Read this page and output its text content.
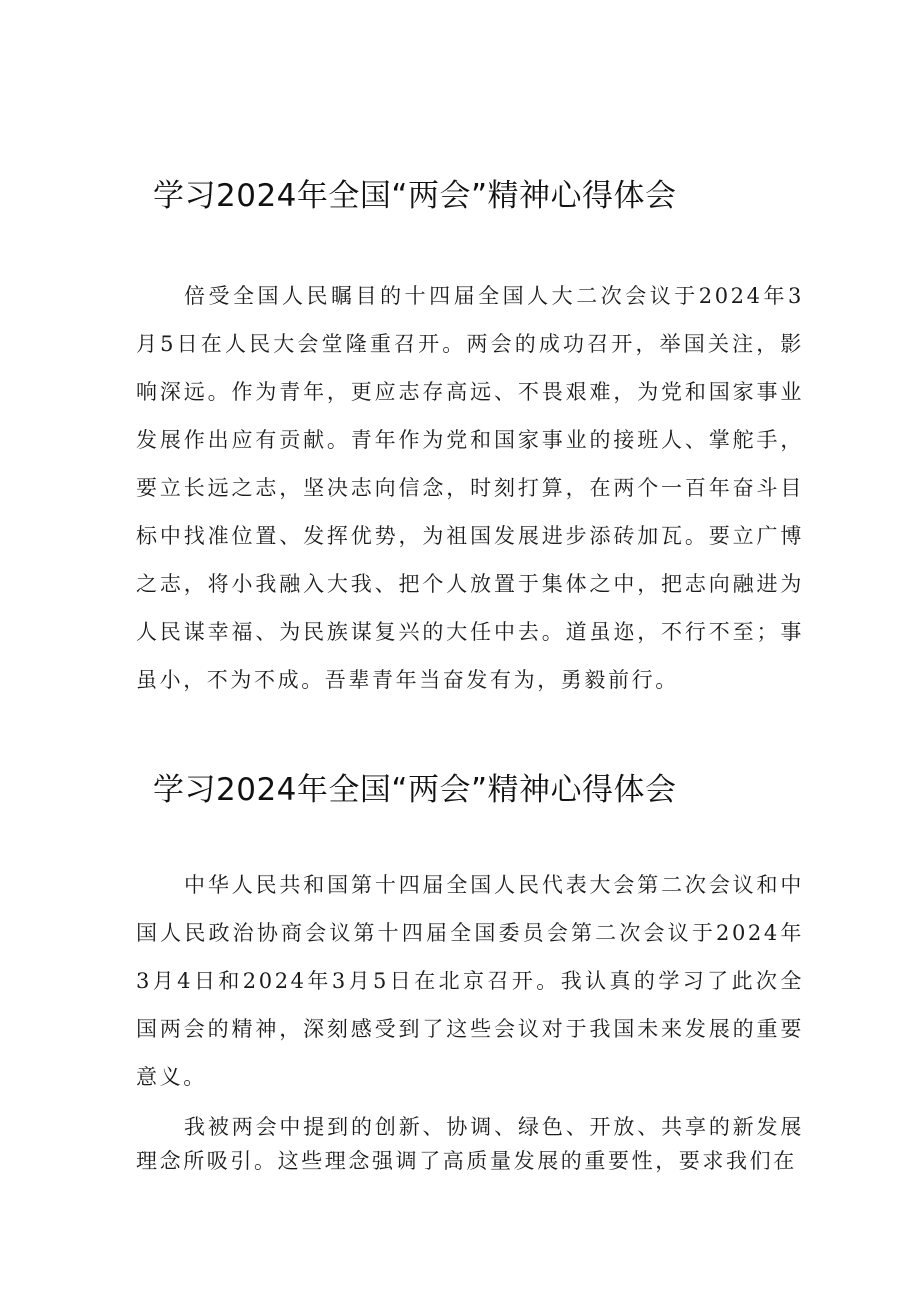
学习2024年全国“两会”精神心得体会

倍受全国人民瞩目的十四届全国人大二次会议于2024年3月5日在人民大会堂隆重召开。两会的成功召开，举国关注，影响深远。作为青年，更应志存高远、不畏艰难，为党和国家事业发展作出应有贡献。青年作为党和国家事业的接班人、掌舵手，要立长远之志，坚决志向信念，时刻打算，在两个一百年奋斗目标中找准位置、发挥优势，为祖国发展进步添砖加瓦。要立广博之志，将小我融入大我、把个人放置于集体之中，把志向融进为人民谋幸福、为民族谋复兴的大任中去。道虽迩，不行不至；事虽小，不为不成。吾辈青年当奋发有为，勇毅前行。

学习2024年全国“两会”精神心得体会

中华人民共和国第十四届全国人民代表大会第二次会议和中国人民政治协商会议第十四届全国委员会第二次会议于2024年3月4日和2024年3月5日在北京召开。我认真的学习了此次全国两会的精神，深刻感受到了这些会议对于我国未来发展的重要意义。

我被两会中提到的创新、协调、绿色、开放、共享的新发展理念所吸引。这些理念强调了高质量发展的重要性，要求我们在
